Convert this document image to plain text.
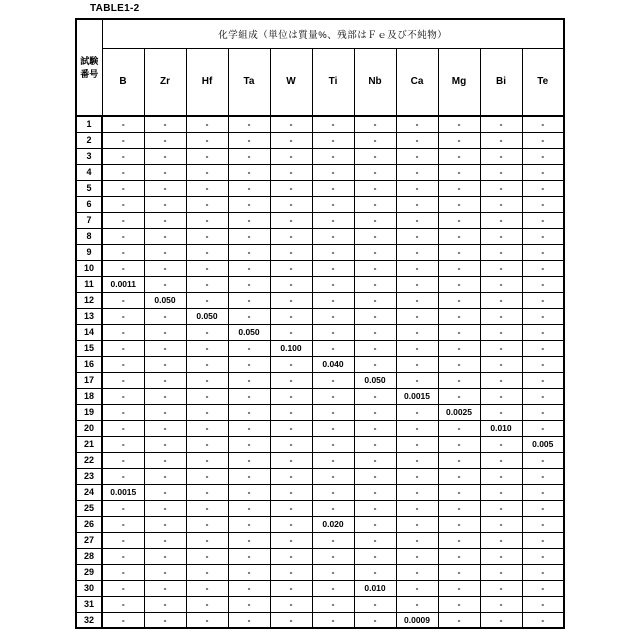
TABLE1-2
試験
番号	化学組成（単位は質量%、残部はＦｅ及び不純物）										
	B	Zr	Hf	Ta	W	Ti	Nb	Ca	Mg	Bi	Te
1	-	-	-	-	-	-	-	-	-	-	-
2	-	-	-	-	-	-	-	-	-	-	-
3	-	-	-	-	-	-	-	-	-	-	-
4	-	-	-	-	-	-	-	-	-	-	-
5	-	-	-	-	-	-	-	-	-	-	-
6	-	-	-	-	-	-	-	-	-	-	-
7	-	-	-	-	-	-	-	-	-	-	-
8	-	-	-	-	-	-	-	-	-	-	-
9	-	-	-	-	-	-	-	-	-	-	-
10	-	-	-	-	-	-	-	-	-	-	-
11	0.0011	-	-	-	-	-	-	-	-	-	-
12	-	0.050	-	-	-	-	-	-	-	-	-
13	-	-	0.050	-	-	-	-	-	-	-	-
14	-	-	-	0.050	-	-	-	-	-	-	-
15	-	-	-	-	0.100	-	-	-	-	-	-
16	-	-	-	-	-	0.040	-	-	-	-	-
17	-	-	-	-	-	-	0.050	-	-	-	-
18	-	-	-	-	-	-	-	0.0015	-	-	-
19	-	-	-	-	-	-	-	-	0.0025	-	-
20	-	-	-	-	-	-	-	-	-	0.010	-
21	-	-	-	-	-	-	-	-	-	-	0.005
22	-	-	-	-	-	-	-	-	-	-	-
23	-	-	-	-	-	-	-	-	-	-	-
24	0.0015	-	-	-	-	-	-	-	-	-	-
25	-	-	-	-	-	-	-	-	-	-	-
26	-	-	-	-	-	0.020	-	-	-	-	-
27	-	-	-	-	-	-	-	-	-	-	-
28	-	-	-	-	-	-	-	-	-	-	-
29	-	-	-	-	-	-	-	-	-	-	-
30	-	-	-	-	-	-	0.010	-	-	-	-
31	-	-	-	-	-	-	-	-	-	-	-
32	-	-	-	-	-	-	-	0.0009	-	-	-
